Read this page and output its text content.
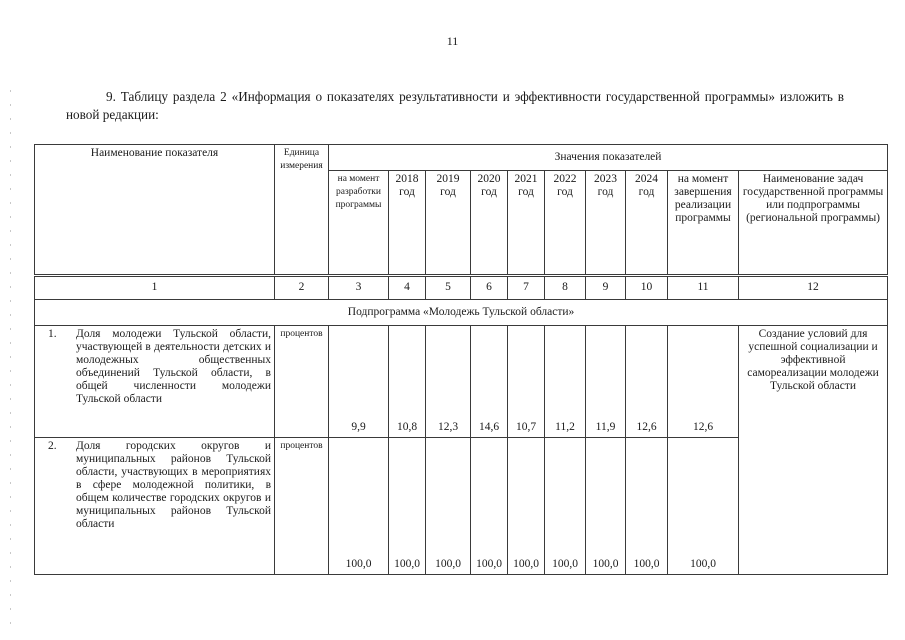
11
9. Таблицу раздела 2 «Информация о показателях результативности и эффективности государственной программы» изложить в новой редакции:
Наименование показателя	Единица измерения	Значения показателей									
		на момент разработки программы	2018 год	2019 год	2020 год	2021 год	2022 год	2023 год	2024 год	на момент завершения реализации программы	Наименование задач государственной программы или подпрограммы (региональной программы)
1	2	3	4	5	6	7	8	9	10	11	12
Подпрограмма «Молодежь Тульской области»											

1. Доля молодежи Тульской области, участвующей в деятельности детских и молодежных общественных объединений Тульской области, в общей численности молодежи Тульской области	процентов	9,9	10,8	12,3	14,6	10,7	11,2	11,9	12,6	12,6	Создание условий для успешной социализации и эффективной самореализации молодежи Тульской области

2. Доля городских округов и муниципальных районов Тульской области, участвующих в мероприятиях в сфере молодежной политики, в общем количестве городских округов и муниципальных районов Тульской области	процентов	100,0	100,0	100,0	100,0	100,0	100,0	100,0	100,0	100,0	
